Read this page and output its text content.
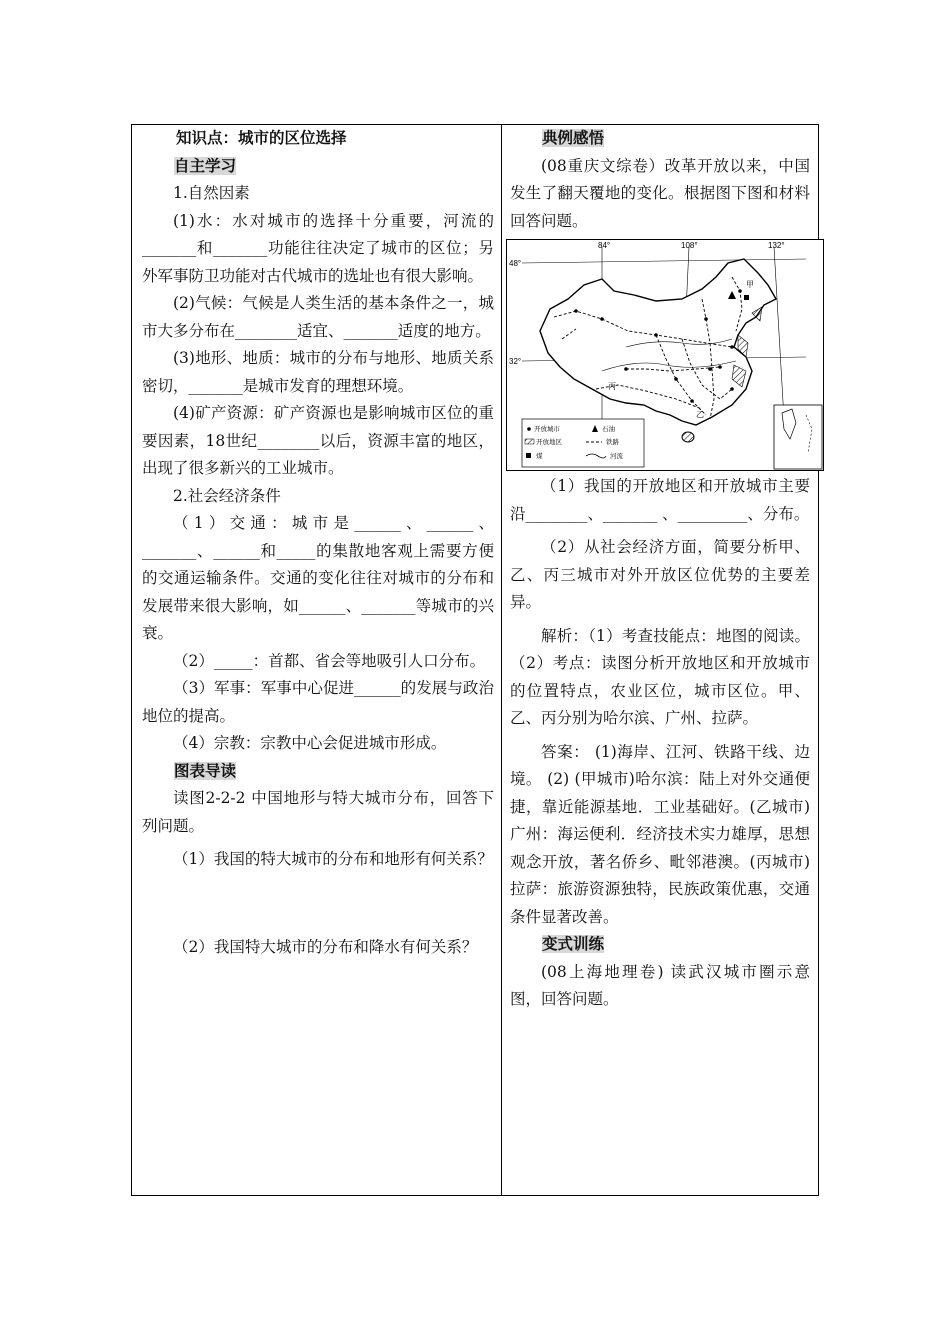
知识点：城市的区位选择

自主学习

1.自然因素

(1)水：水对城市的选择十分重要，河流的_______和_______功能往往决定了城市的区位；另外军事防卫功能对古代城市的选址也有很大影响。

(2)气候：气候是人类生活的基本条件之一，城市大多分布在________适宜、_______适度的地方。

(3)地形、地质：城市的分布与地形、地质关系密切，_______是城市发育的理想环境。

(4)矿产资源：矿产资源也是影响城市区位的重要因素，18世纪________以后，资源丰富的地区，出现了很多新兴的工业城市。

2.社会经济条件

（1）交通：城市是______、______、_______、______和_____的集散地客观上需要方便的交通运输条件。交通的变化往往对城市的分布和发展带来很大影响，如______、_______等城市的兴衰。

（2）_____：首都、省会等地吸引人口分布。

（3）军事：军事中心促进______的发展与政治地位的提高。

（4）宗教：宗教中心会促进城市形成。

图表导读

读图2-2-2 中国地形与特大城市分布，回答下列问题。

（1）我国的特大城市的分布和地形有何关系？

（2）我国特大城市的分布和降水有何关系？

典例感悟

(08重庆文综卷）改革开放以来，中国发生了翻天覆地的变化。根据图下图和材料回答问题。

84°	108°	132°
48°
32°
甲
乙
丙
开放城市	石油
开放地区	铁路
煤	河流

（1）我国的开放地区和开放城市主要沿________、_______ 、_________、分布。

（2）从社会经济方面，简要分析甲、乙、丙三城市对外开放区位优势的主要差异。

解析：（1）考查技能点：地图的阅读。（2）考点：读图分析开放地区和开放城市的位置特点，农业区位，城市区位。甲、乙、丙分别为哈尔滨、广州、拉萨。

答案： (1)海岸、江河、铁路干线、边境。 (2) (甲城市)哈尔滨：陆上对外交通便捷，靠近能源基地．工业基础好。(乙城市)广州：海运便利．经济技术实力雄厚，思想观念开放，著名侨乡、毗邻港澳。(丙城市)拉萨：旅游资源独特，民族政策优惠，交通条件显著改善。

变式训练

(08上海地理卷) 读武汉城市圈示意图，回答问题。
